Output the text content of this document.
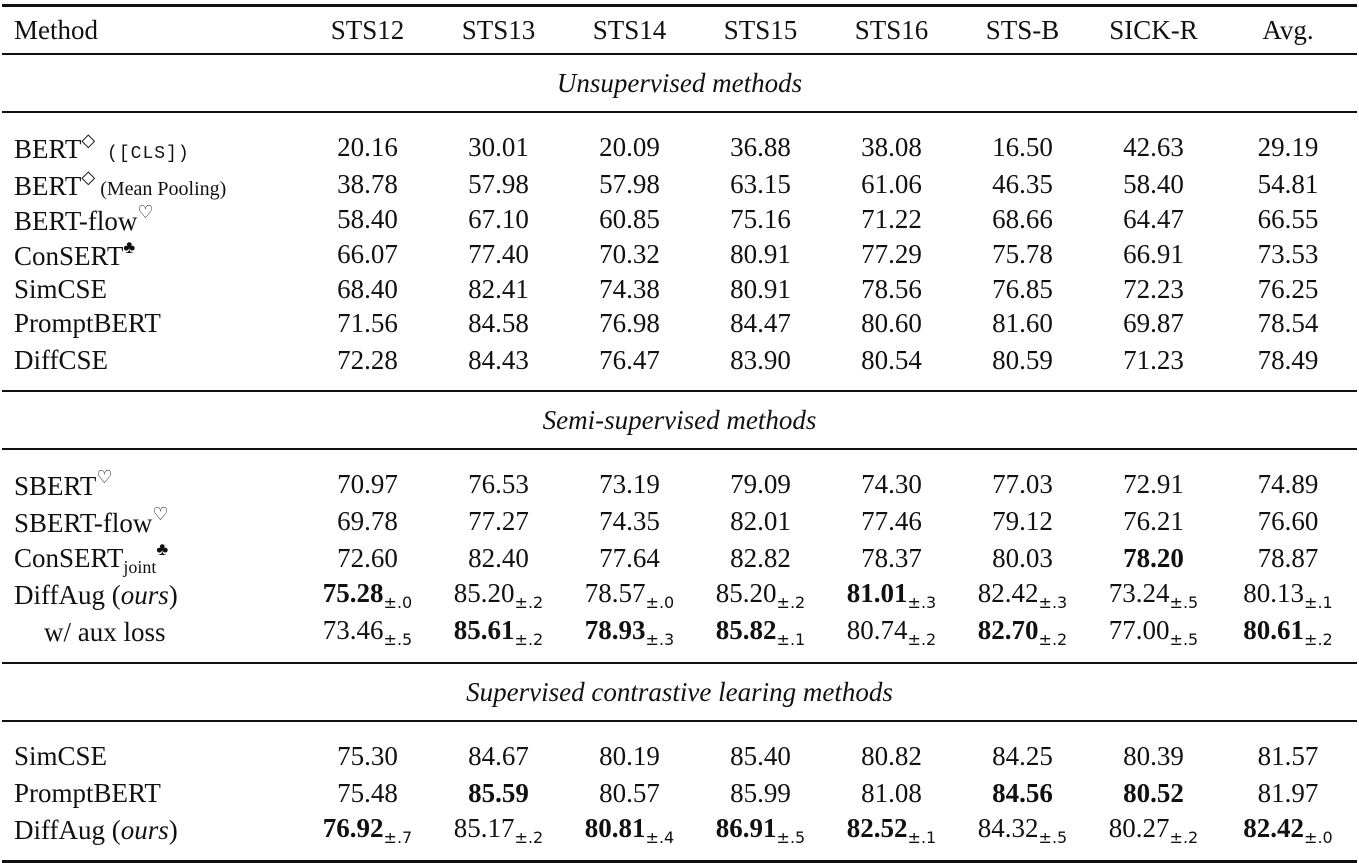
Method	STS12	STS13	STS14	STS15	STS16	STS-B	SICK-R	Avg.
Unsupervised methods								
BERT◇ ([CLS])	20.16	30.01	20.09	36.88	38.08	16.50	42.63	29.19
BERT◇ (Mean Pooling)	38.78	57.98	57.98	63.15	61.06	46.35	58.40	54.81
BERT-flow♡	58.40	67.10	60.85	75.16	71.22	68.66	64.47	66.55
ConSERT♣	66.07	77.40	70.32	80.91	77.29	75.78	66.91	73.53
SimCSE	68.40	82.41	74.38	80.91	78.56	76.85	72.23	76.25
PromptBERT	71.56	84.58	76.98	84.47	80.60	81.60	69.87	78.54
DiffCSE	72.28	84.43	76.47	83.90	80.54	80.59	71.23	78.49
Semi-supervised methods								
SBERT♡	70.97	76.53	73.19	79.09	74.30	77.03	72.91	74.89
SBERT-flow♡	69.78	77.27	74.35	82.01	77.46	79.12	76.21	76.60
ConSERT$_{joint}$♣	72.60	82.40	77.64	82.82	78.37	80.03	78.20	78.87
DiffAug (ours)	$75.28_{\pm.0}$	$85.20_{\pm.2}$	$78.57_{\pm.0}$	$85.20_{\pm.2}$	$81.01_{\pm.3}$	$82.42_{\pm.3}$	$73.24_{\pm.5}$	$80.13_{\pm.1}$
w/ aux loss	$73.46_{\pm.5}$	$85.61_{\pm.2}$	$78.93_{\pm.3}$	$85.82_{\pm.1}$	$80.74_{\pm.2}$	$82.70_{\pm.2}$	$77.00_{\pm.5}$	$80.61_{\pm.2}$
Supervised contrastive learing methods								
SimCSE	75.30	84.67	80.19	85.40	80.82	84.25	80.39	81.57
PromptBERT	75.48	85.59	80.57	85.99	81.08	84.56	80.52	81.97
DiffAug (ours)	$76.92_{\pm.7}$	$85.17_{\pm.2}$	$80.81_{\pm.4}$	$86.91_{\pm.5}$	$82.52_{\pm.1}$	$84.32_{\pm.5}$	$80.27_{\pm.2}$	$82.42_{\pm.0}$
